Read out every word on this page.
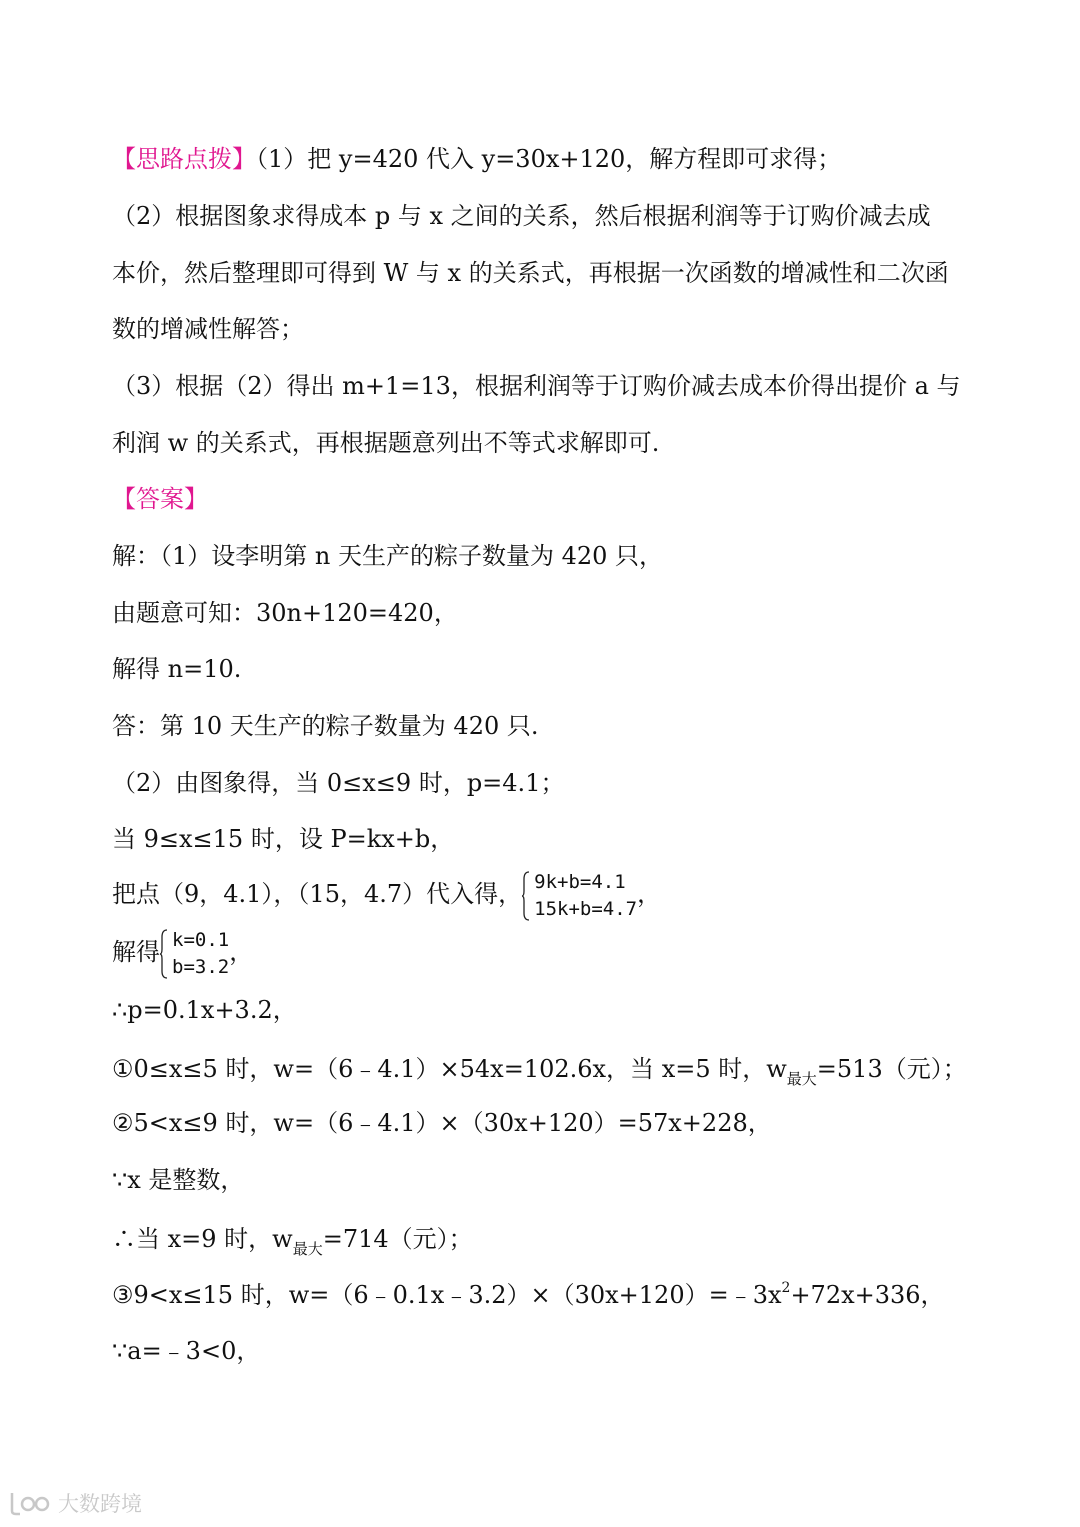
【思路点拨】（1）把 y=420 代入 y=30x+120，解方程即可求得；
（2）根据图象求得成本 p 与 x 之间的关系，然后根据利润等于订购价减去成
本价，然后整理即可得到 W 与 x 的关系式，再根据一次函数的增减性和二次函
数的增减性解答；
（3）根据（2）得出 m+1=13，根据利润等于订购价减去成本价得出提价 a 与
利润 w 的关系式，再根据题意列出不等式求解即可.
【答案】
解：（1）设李明第 n 天生产的粽子数量为 420 只，
由题意可知：30n+120=420，
解得 n=10.
答：第 10 天生产的粽子数量为 420 只.
（2）由图象得，当 0≤x≤9 时，p=4.1；
当 9≤x≤15 时，设 P=kx+b，
把点（9，4.1），（15，4.7）代入得， 9k+b=4.1
15k+b=4.7
，
解得 k=0.1
b=3.2
，
∴p=0.1x+3.2，
①0≤x≤5 时，w=（6﹣4.1）×54x=102.6x，当 x=5 时，$w_{最大}=513$（元）；
②5<x≤9 时，w=（6﹣4.1）×（30x+120）=57x+228，
∵x 是整数，
∴当 x=9 时，$w_{最大}=714$（元）；
③9<x≤15 时，$w=(6﹣0.1x﹣3.2)\times(30x+120)=﹣3x^2+72x+336$，
∵a=﹣3<0，
大数跨境
